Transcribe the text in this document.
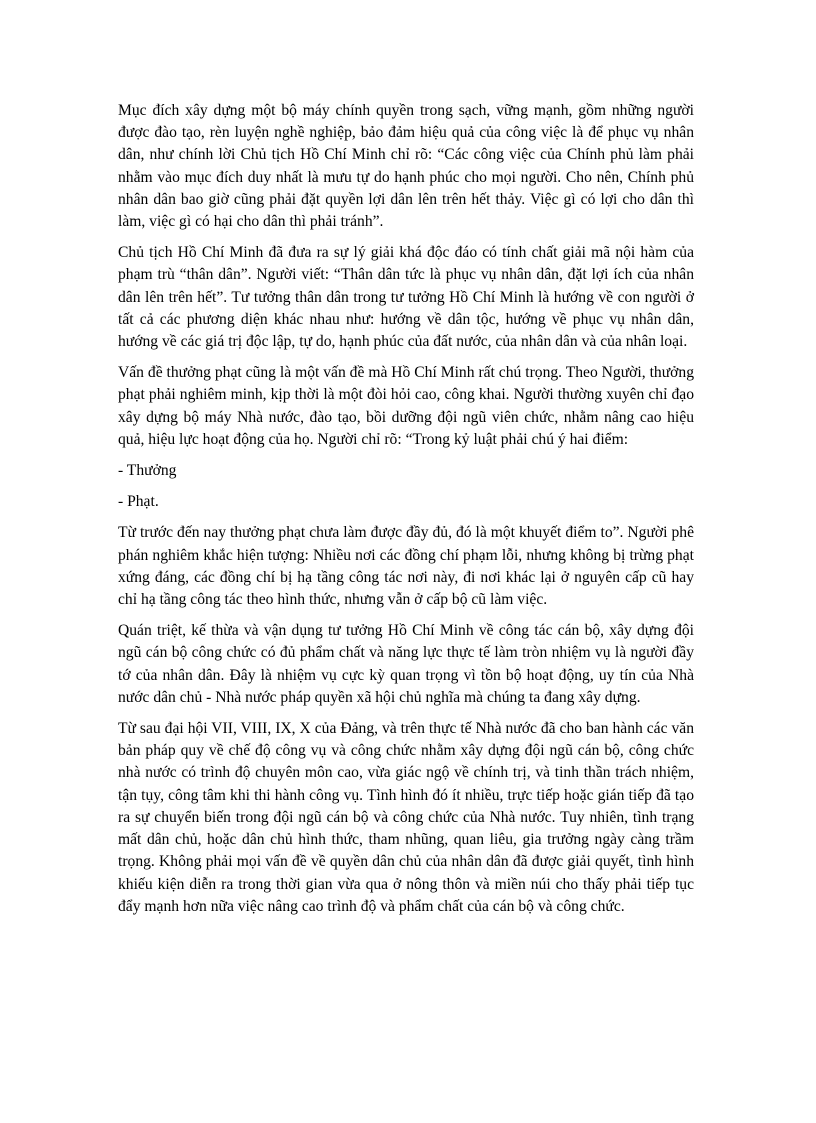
Mục đích xây dựng một bộ máy chính quyền trong sạch, vững mạnh, gồm những người được đào tạo, rèn luyện nghề nghiệp, bảo đảm hiệu quả của công việc là để phục vụ nhân dân, như chính lời Chủ tịch Hồ Chí Minh chỉ rõ: “Các công việc của Chính phủ làm phải nhằm vào mục đích duy nhất là mưu tự do hạnh phúc cho mọi người. Cho nên, Chính phủ nhân dân bao giờ cũng phải đặt quyền lợi dân lên trên hết thảy. Việc gì có lợi cho dân thì làm, việc gì có hại cho dân thì phải tránh”.

Chủ tịch Hồ Chí Minh đã đưa ra sự lý giải khá độc đáo có tính chất giải mã nội hàm của phạm trù “thân dân”. Người viết: “Thân dân tức là phục vụ nhân dân, đặt lợi ích của nhân dân lên trên hết”. Tư tưởng thân dân trong tư tưởng Hồ Chí Minh là hướng về con người ở tất cả các phương diện khác nhau như: hướng về dân tộc, hướng về phục vụ nhân dân, hướng về các giá trị độc lập, tự do, hạnh phúc của đất nước, của nhân dân và của nhân loại.

Vấn đề thưởng phạt cũng là một vấn đề mà Hồ Chí Minh rất chú trọng. Theo Người, thưởng phạt phải nghiêm minh, kịp thời là một đòi hỏi cao, công khai. Người thường xuyên chỉ đạo xây dựng bộ máy Nhà nước, đào tạo, bồi dưỡng đội ngũ viên chức, nhằm nâng cao hiệu quả, hiệu lực hoạt động của họ. Người chỉ rõ: “Trong kỷ luật phải chú ý hai điểm:

- Thưởng

- Phạt.

Từ trước đến nay thưởng phạt chưa làm được đầy đủ, đó là một khuyết điểm to”. Người phê phán nghiêm khắc hiện tượng: Nhiều nơi các đồng chí phạm lỗi, nhưng không bị trừng phạt xứng đáng, các đồng chí bị hạ tầng công tác nơi này, đi nơi khác lại ở nguyên cấp cũ hay chỉ hạ tầng công tác theo hình thức, nhưng vẫn ở cấp bộ cũ làm việc.

Quán triệt, kế thừa và vận dụng tư tưởng Hồ Chí Minh về công tác cán bộ, xây dựng đội ngũ cán bộ công chức có đủ phẩm chất và năng lực thực tế làm tròn nhiệm vụ là người đầy tớ của nhân dân. Đây là nhiệm vụ cực kỳ quan trọng vì tồn bộ hoạt động, uy tín của Nhà nước dân chủ - Nhà nước pháp quyền xã hội chủ nghĩa mà chúng ta đang xây dựng.

Từ sau đại hội VII, VIII, IX, X của Đảng, và trên thực tế Nhà nước đã cho ban hành các văn bản pháp quy về chế độ công vụ và công chức nhằm xây dựng đội ngũ cán bộ, công chức nhà nước có trình độ chuyên môn cao, vừa giác ngộ về chính trị, và tinh thần trách nhiệm, tận tụy, công tâm khi thi hành công vụ. Tình hình đó ít nhiều, trực tiếp hoặc gián tiếp đã tạo ra sự chuyển biến trong đội ngũ cán bộ và công chức của Nhà nước. Tuy nhiên, tình trạng mất dân chủ, hoặc dân chủ hình thức, tham nhũng, quan liêu, gia trưởng ngày càng trầm trọng. Không phải mọi vấn đề về quyền dân chủ của nhân dân đã được giải quyết, tình hình khiếu kiện diễn ra trong thời gian vừa qua ở nông thôn và miền núi cho thấy phải tiếp tục đẩy mạnh hơn nữa việc nâng cao trình độ và phẩm chất của cán bộ và công chức.
